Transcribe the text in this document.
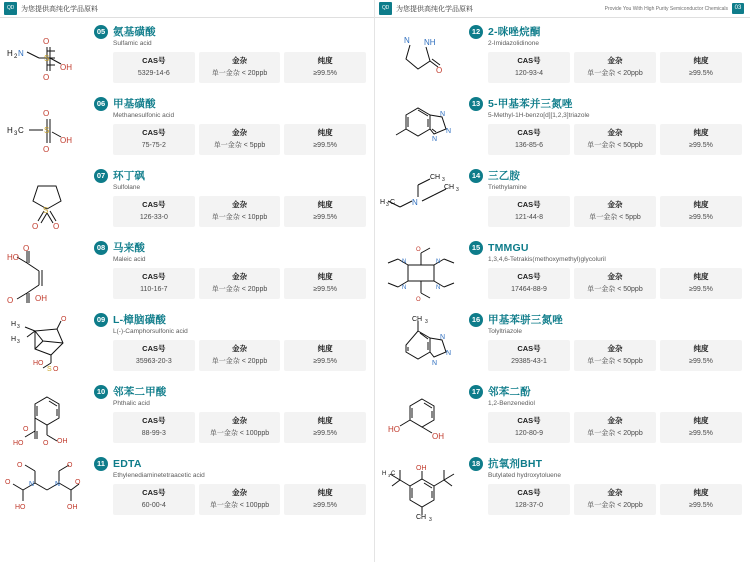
QD	为您提供高纯化学品原料
H 2 N
S
O
O
OH
05 氨基磺酸
Sulfamic acid
CAS号
5329-14-6
金杂
单一金杂 < 20ppb
纯度
≥99.5%
H 3 C	S
O
O
OH
06 甲基磺酸
Methanesulfonic acid
CAS号
75-75-2
金杂
单一金杂 < 5ppb
纯度
≥99.5%
S
O O
07 环丁砜
Sulfolane
CAS号
126-33-0
金杂
单一金杂 < 10ppb
纯度
≥99.5%
HO
O
O	OH
08 马来酸
Maleic acid
CAS号
110-16-7
金杂
单一金杂 < 20ppb
纯度
≥99.5%
H 3
H 3
O
S O
HO
09 L-樟脑磺酸
L(-)-Camphorsulfonic acid
CAS号
35963-20-3
金杂
单一金杂 < 20ppb
纯度
≥99.5%
O
HO	O OH
10 邻苯二甲酸
Phthalic acid
CAS号
88-99-3
金杂
单一金杂 < 100ppb
纯度
≥99.5%
N	N
O	O
O	O
HO	OH
11 EDTA
Ethylenediaminetetraacetic acid
CAS号
60-00-4
金杂
单一金杂 < 100ppb
纯度
≥99.5%
QD	为您提供高纯化学品原料	Provide You With High Purity Semiconductor Chemicals	03
N NH
O
12 2-咪唑烷酮
2-Imidazolidinone
CAS号
120-93-4
金杂
单一金杂 < 20ppb
纯度
≥99.5%
N
N
N
13 5-甲基苯并三氮唑
5-Methyl-1H-benzo[d][1,2,3]triazole
CAS号
136-85-6
金杂
单一金杂 < 50ppb
纯度
≥99.5%
N
H 3 C
CH 3
CH 3	14 三乙胺
Triethylamine
CAS号
121-44-8
金杂
单一金杂 < 5ppb
纯度
≥99.5%
N	N
N	N
O
O
15 TMMGU
1,3,4,6-Tetrakis(methoxymethyl)glycoluril
CAS号
17464-88-9
金杂
单一金杂 < 50ppb
纯度
≥99.5%
CH 3
N
N
N
16 甲基苯骈三氮唑
Tolyltriazole
CAS号
29385-43-1
金杂
单一金杂 < 50ppb
纯度
≥99.5%
HO
OH
17 邻苯二酚
1,2-Benzenediol
CAS号
120-80-9
金杂
单一金杂 < 20ppb
纯度
≥99.5%
OH
H 3 C
CH 3
18 抗氧剂BHT
Butylated hydroxytoluene
CAS号
128-37-0
金杂
单一金杂 < 20ppb
纯度
≥99.5%
